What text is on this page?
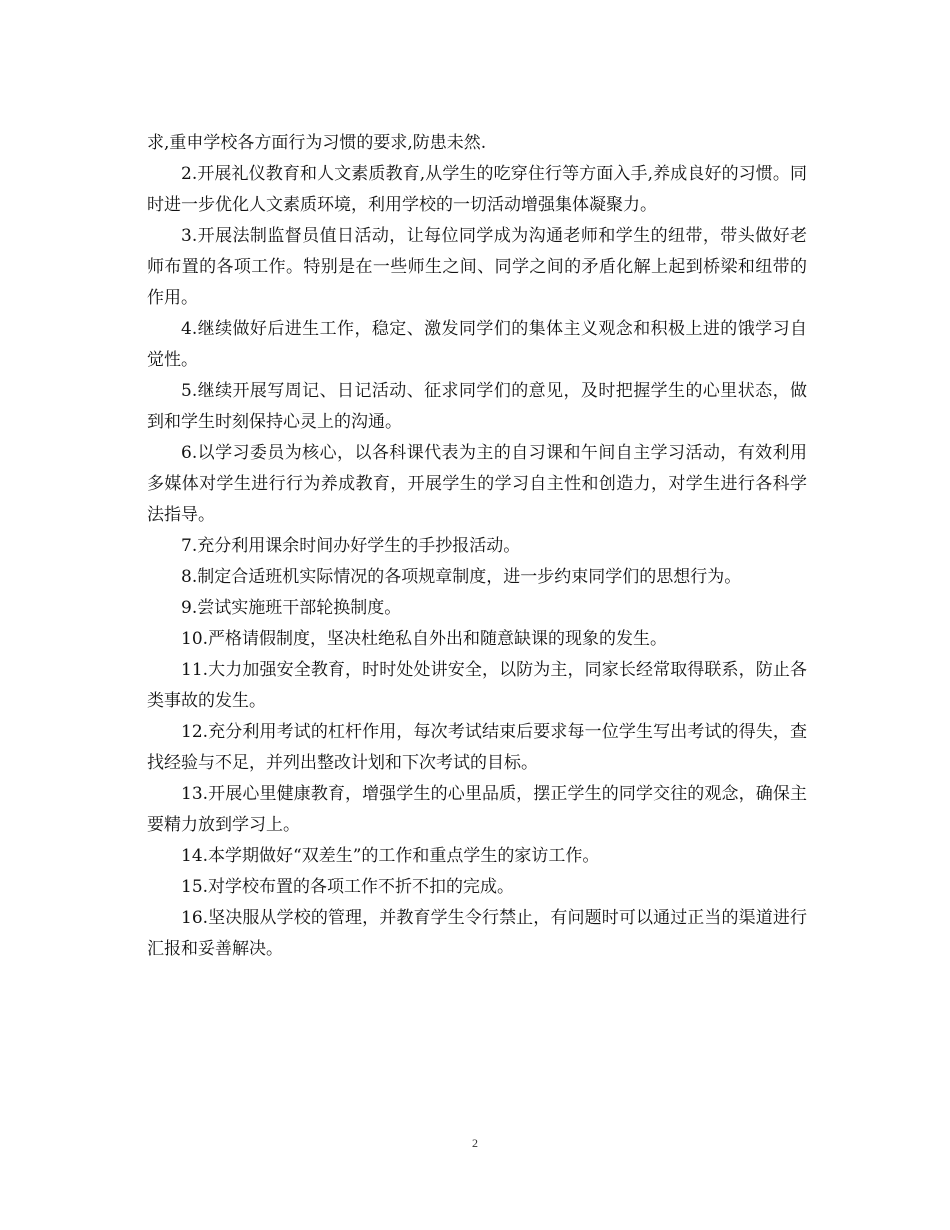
求,重申学校各方面行为习惯的要求,防患未然.

2.开展礼仪教育和人文素质教育,从学生的吃穿住行等方面入手,养成良好的习惯。同时进一步优化人文素质环境，利用学校的一切活动增强集体凝聚力。

3.开展法制监督员值日活动，让每位同学成为沟通老师和学生的纽带，带头做好老师布置的各项工作。特别是在一些师生之间、同学之间的矛盾化解上起到桥梁和纽带的作用。

4.继续做好后进生工作，稳定、激发同学们的集体主义观念和积极上进的饿学习自觉性。

5.继续开展写周记、日记活动、征求同学们的意见，及时把握学生的心里状态，做到和学生时刻保持心灵上的沟通。

6.以学习委员为核心，以各科课代表为主的自习课和午间自主学习活动，有效利用多媒体对学生进行行为养成教育，开展学生的学习自主性和创造力，对学生进行各科学法指导。

7.充分利用课余时间办好学生的手抄报活动。

8.制定合适班机实际情况的各项规章制度，进一步约束同学们的思想行为。

9.尝试实施班干部轮换制度。

10.严格请假制度，坚决杜绝私自外出和随意缺课的现象的发生。

11.大力加强安全教育，时时处处讲安全，以防为主，同家长经常取得联系，防止各类事故的发生。

12.充分利用考试的杠杆作用，每次考试结束后要求每一位学生写出考试的得失，查找经验与不足，并列出整改计划和下次考试的目标。

13.开展心里健康教育，增强学生的心里品质，摆正学生的同学交往的观念，确保主要精力放到学习上。

14.本学期做好“双差生”的工作和重点学生的家访工作。

15.对学校布置的各项工作不折不扣的完成。

16.坚决服从学校的管理，并教育学生令行禁止，有问题时可以通过正当的渠道进行汇报和妥善解决。

2
